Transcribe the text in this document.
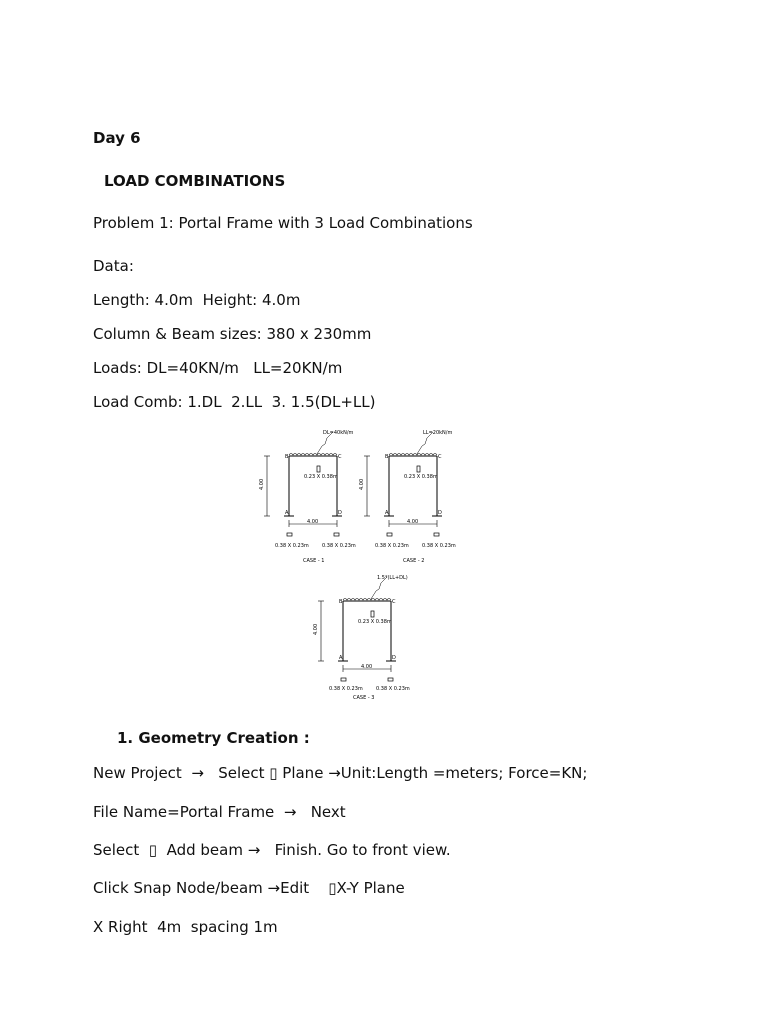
Day 6
LOAD COMBINATIONS
Problem 1: Portal Frame with 3 Load Combinations
Data:
Length: 4.0m  Height: 4.0m
Column & Beam sizes: 380 x 230mm
Loads: DL=40KN/m   LL=20KN/m
Load Comb: 1.DL  2.LL  3. 1.5(DL+LL)
DL=40kN/m
0.23 X 0.38m
B	C
A	D
4.00
4.00
0.38 X 0.23m	0.38 X 0.23m
CASE - 1
LL=20kN/m
0.23 X 0.38m
B	C
A	D
4.00
4.00
0.38 X 0.23m	0.38 X 0.23m
CASE - 2
1.5*(LL+DL)
0.23 X 0.38m
B	C
A	D
4.00
4.00
0.38 X 0.23m	0.38 X 0.23m
CASE - 3
1. Geometry Creation :
New Project  →   Select ▯ Plane →Unit:Length =meters; Force=KN;
File Name=Portal Frame  →   Next
Select  ▯  Add beam →   Finish. Go to front view.
Click Snap Node/beam →Edit    ▯X-Y Plane
X Right  4m  spacing 1m
